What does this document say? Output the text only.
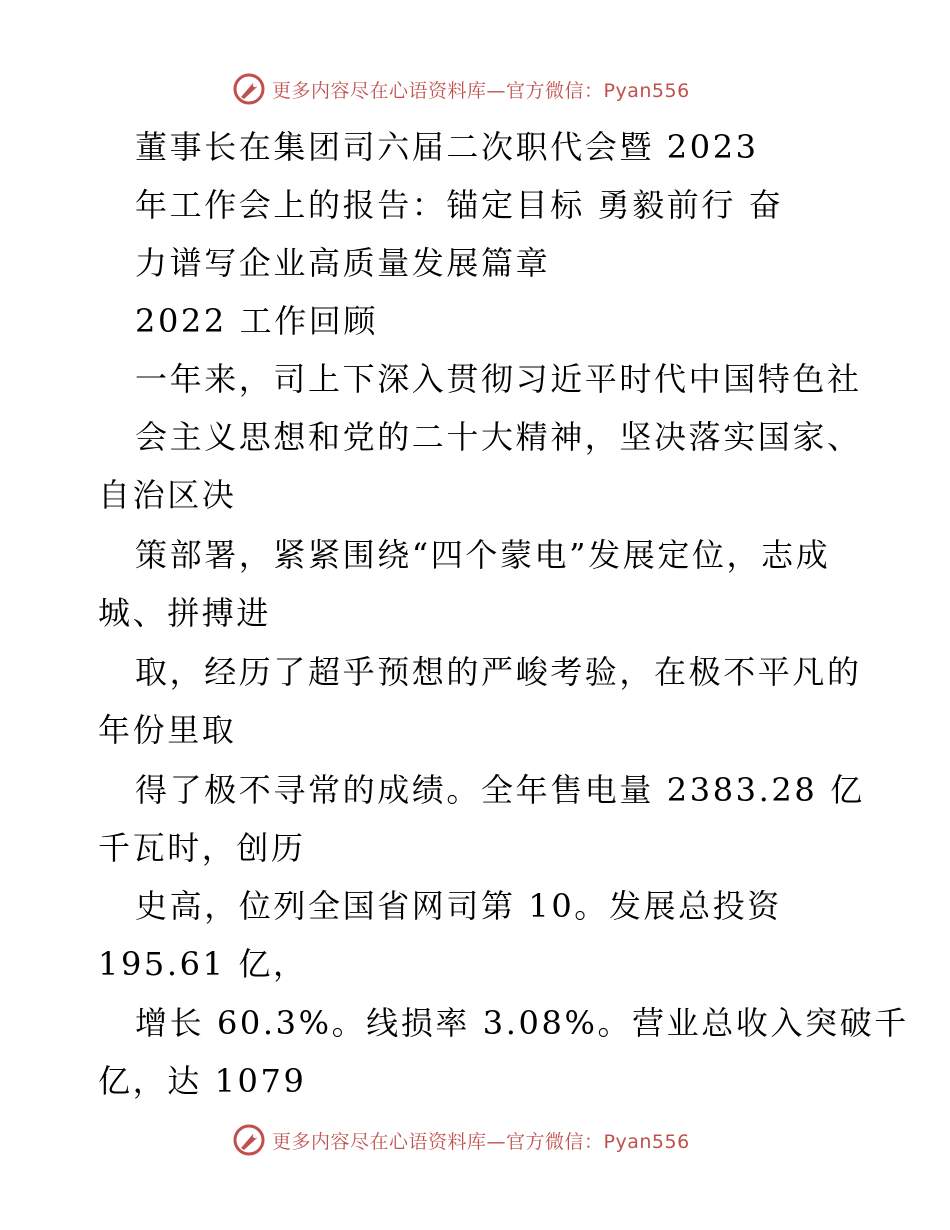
更多内容尽在心语资料库—官方微信：Pyan556
董事长在集团司六届二次职代会暨 2023
年工作会上的报告：锚定目标 勇毅前行 奋
力谱写企业高质量发展篇章
2022 工作回顾
一年来，司上下深入贯彻习近平时代中国特色社
会主义思想和党的二十大精神，坚决落实国家、
自治区决
策部署，紧紧围绕“四个蒙电”发展定位，志成
城、拼搏进
取，经历了超乎预想的严峻考验，在极不平凡的
年份里取
得了极不寻常的成绩。全年售电量 2383.28 亿
千瓦时，创历
史高，位列全国省网司第 10。发展总投资
195.61 亿，
增长 60.3%。线损率 3.08%。营业总收入突破千
亿，达 1079
更多内容尽在心语资料库—官方微信：Pyan556
